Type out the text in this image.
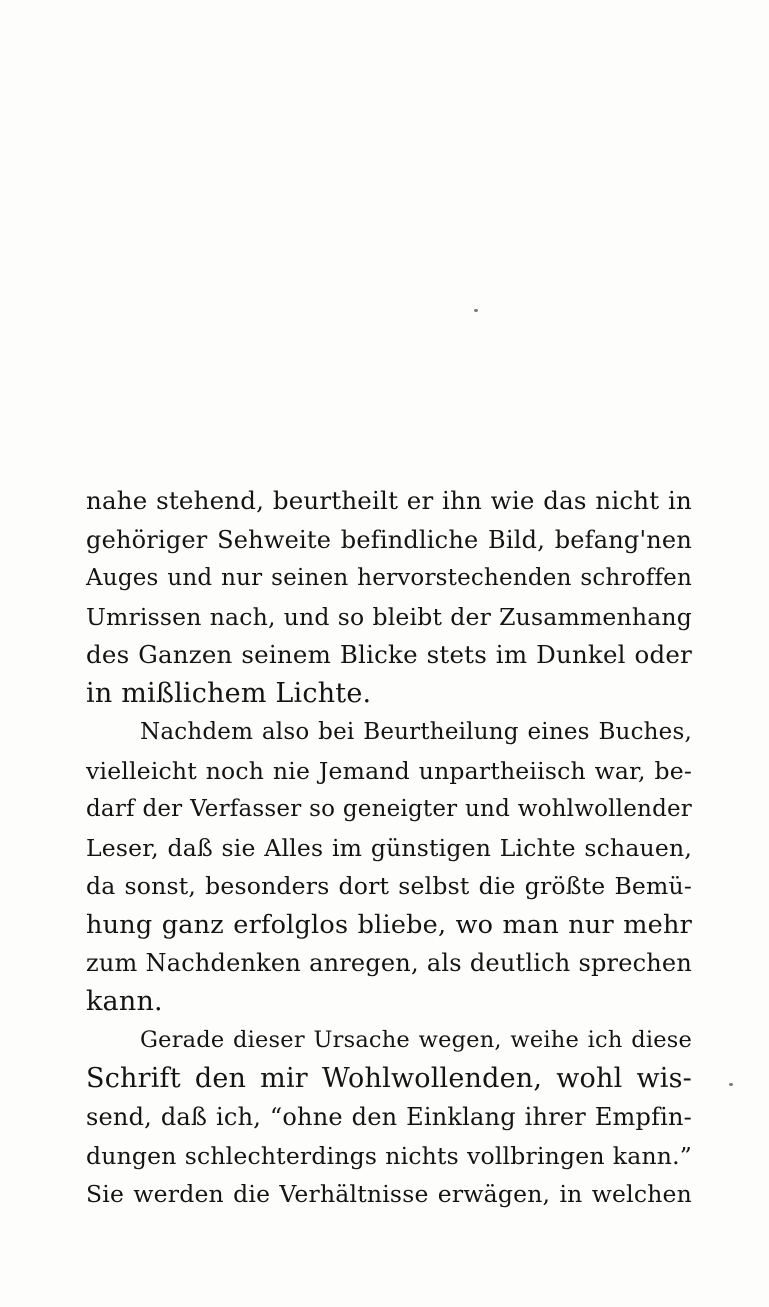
nahe stehend, beurtheilt er ihn wie das nicht in
gehöriger Sehweite befindliche Bild, befang'nen
Auges und nur seinen hervorstechenden schroffen
Umrissen nach, und so bleibt der Zusammenhang
des Ganzen seinem Blicke stets im Dunkel oder
in mißlichem Lichte.
Nachdem also bei Beurtheilung eines Buches,
vielleicht noch nie Jemand unpartheiisch war, be-
darf der Verfasser so geneigter und wohlwollender
Leser, daß sie Alles im günstigen Lichte schauen,
da sonst, besonders dort selbst die größte Bemü-
hung ganz erfolglos bliebe, wo man nur mehr
zum Nachdenken anregen, als deutlich sprechen
kann.
Gerade dieser Ursache wegen, weihe ich diese
Schrift den mir Wohlwollenden, wohl wis-
send, daß ich, “ohne den Einklang ihrer Empfin-
dungen schlechterdings nichts vollbringen kann.”
Sie werden die Verhältnisse erwägen, in welchen
